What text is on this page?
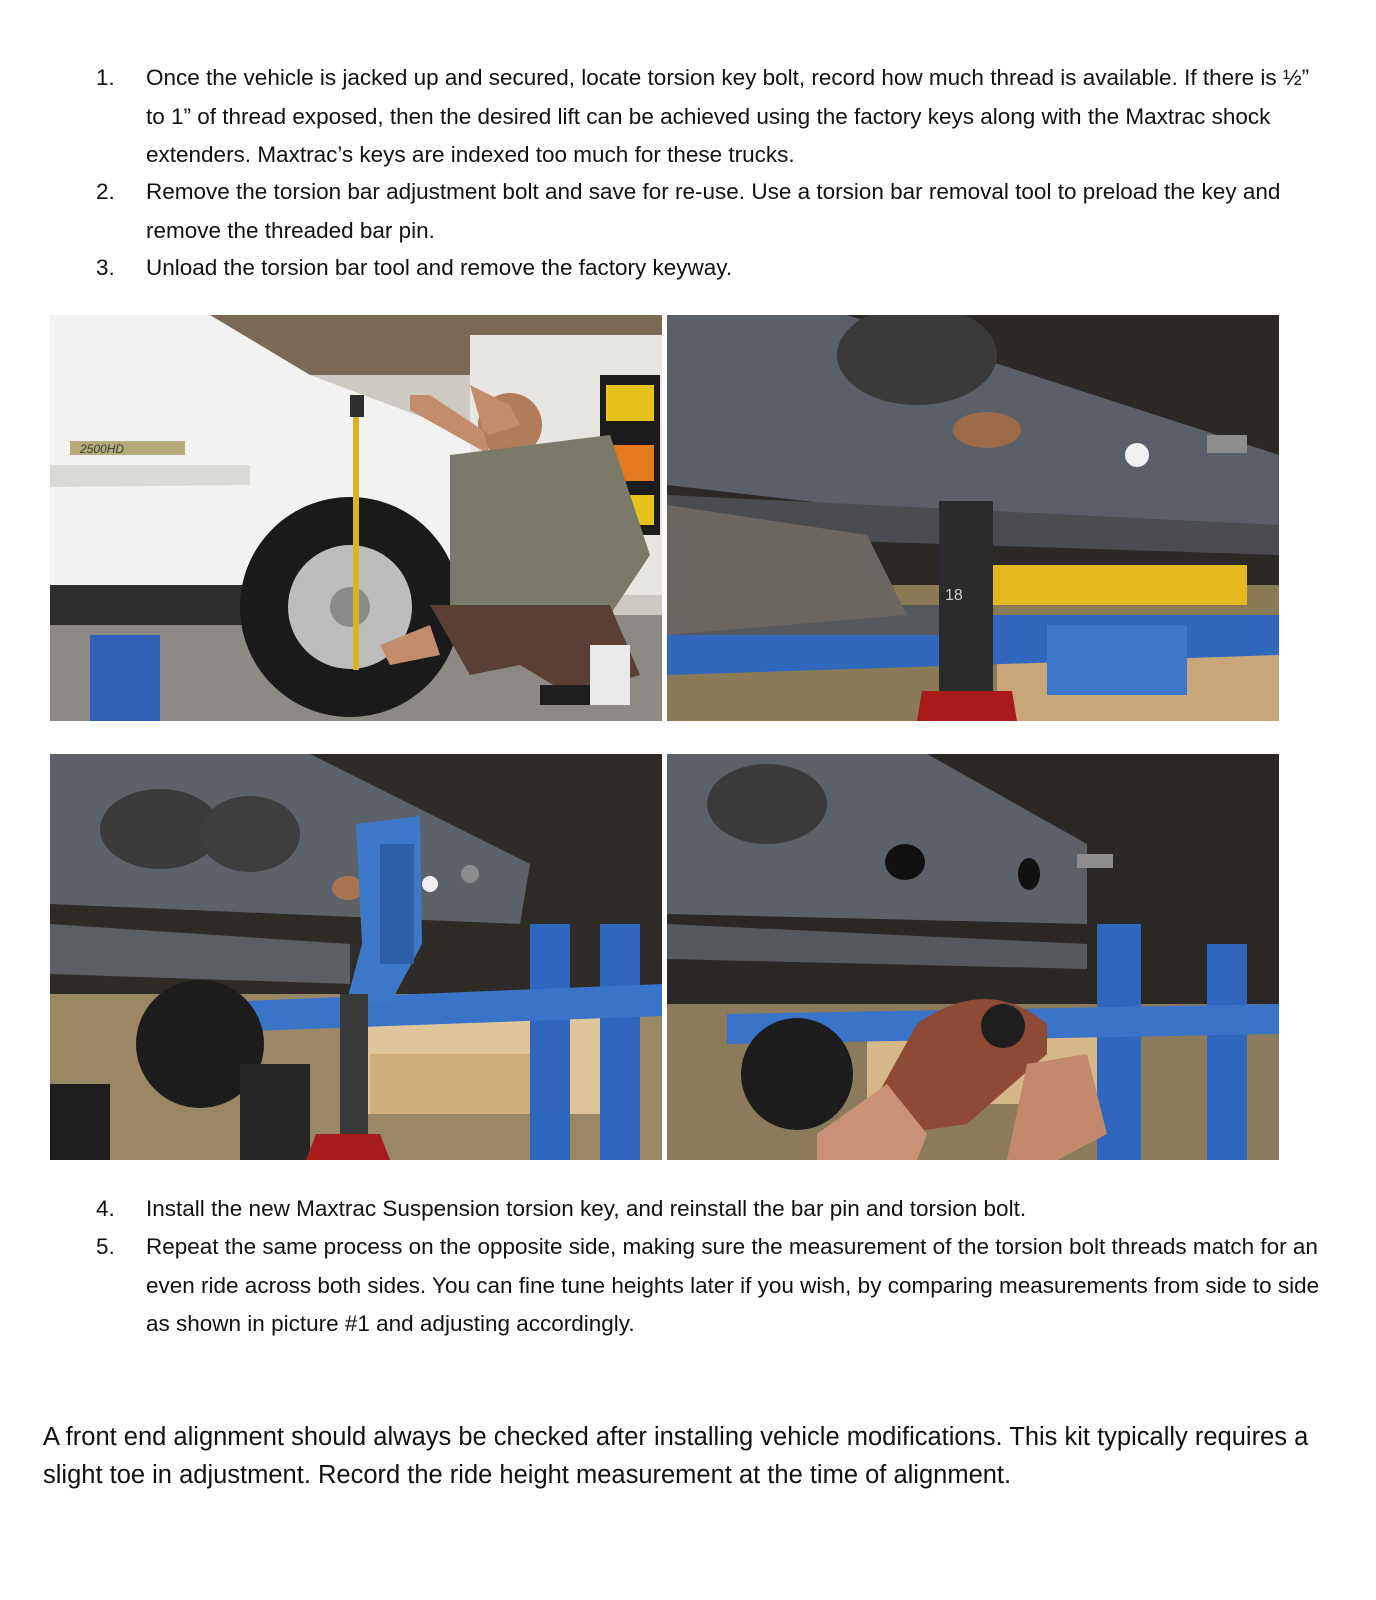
1.	Once the vehicle is jacked up and secured, locate torsion key bolt, record how much thread is available. If there is ½” to 1” of thread exposed, then the desired lift can be achieved using the factory keys along with the Maxtrac shock extenders. Maxtrac’s keys are indexed too much for these trucks.
2.	Remove the torsion bar adjustment bolt and save for re-use. Use a torsion bar removal tool to preload the key and remove the threaded bar pin.
3.	Unload the torsion bar tool and remove the factory keyway.
2500HD
18
4.	Install the new Maxtrac Suspension torsion key, and reinstall the bar pin and torsion bolt.
5.	Repeat the same process on the opposite side, making sure the measurement of the torsion bolt threads match for an even ride across both sides. You can fine tune heights later if you wish, by comparing measurements from side to side as shown in picture #1 and adjusting accordingly.
A front end alignment should always be checked after installing vehicle modifications. This kit typically requires a slight toe in adjustment. Record the ride height measurement at the time of alignment.
